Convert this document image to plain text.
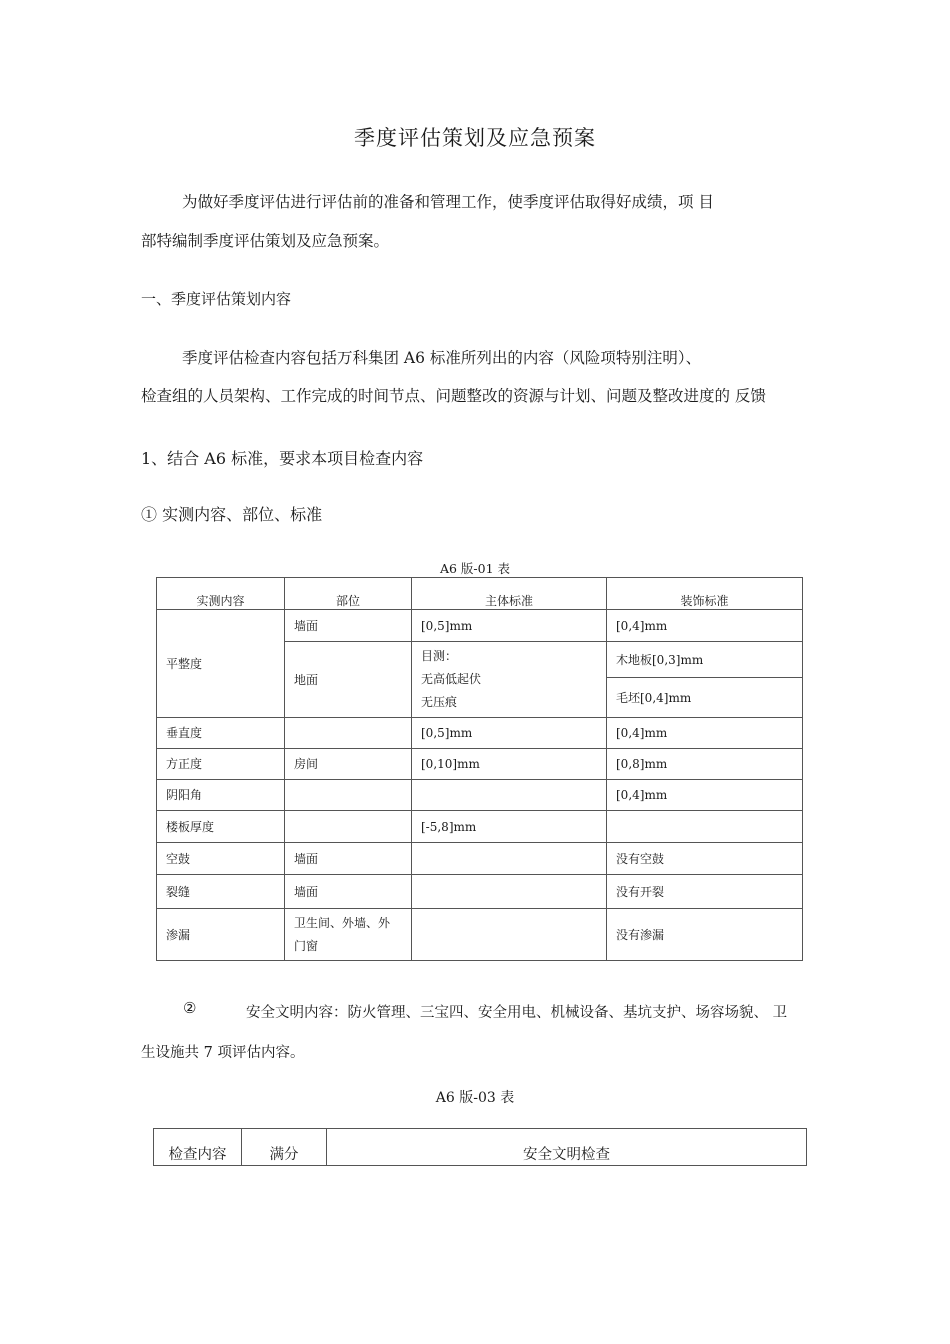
季度评估策划及应急预案
为做好季度评估进行评估前的准备和管理工作，使季度评估取得好成绩，项 目
部特编制季度评估策划及应急预案。
一、季度评估策划内容
季度评估检查内容包括万科集团 A6 标准所列出的内容（风险项特别注明）、
检查组的人员架构、工作完成的时间节点、问题整改的资源与计划、问题及整改进度的 反馈
1、结合 A6 标准，要求本项目检查内容
① 实测内容、部位、标准
A6 版-01 表
实测内容	部位	主体标准	装饰标准
平整度	墙面	[0,5]mm	[0,4]mm
	地面	目测：
无高低起伏
无压痕	木地板[0,3]mm
			毛坯[0,4]mm
垂直度		[0,5]mm	[0,4]mm
方正度	房间	[0,10]mm	[0,8]mm
阴阳角			[0,4]mm
楼板厚度		[-5,8]mm	
空鼓	墙面		没有空鼓
裂缝	墙面		没有开裂
渗漏	卫生间、外墙、外
门窗		没有渗漏
②	安全文明内容：防火管理、三宝四、安全用电、机械设备、基坑支护、场容场貌、 卫
生设施共 7 项评估内容。
A6 版-03 表
检查内容	满分	安全文明检查
